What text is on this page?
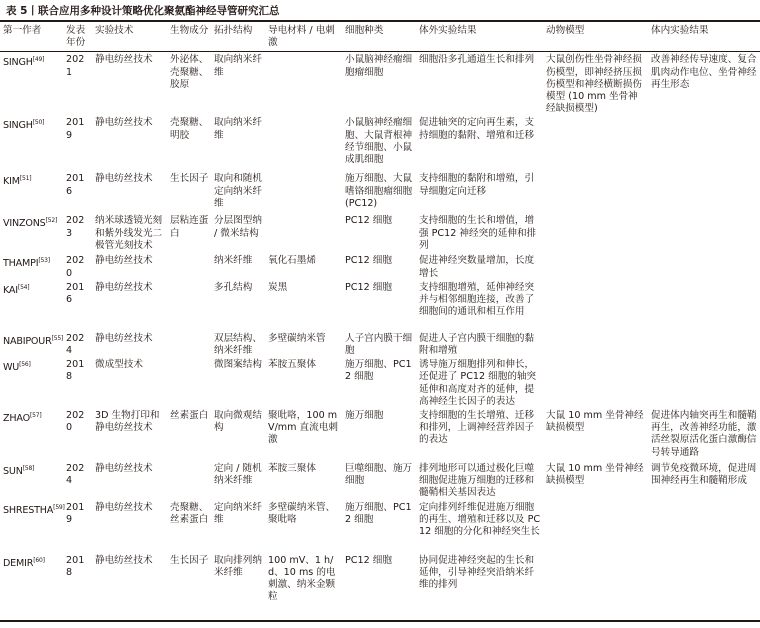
表 5丨联合应用多种设计策略优化聚氨酯神经导管研究汇总
第一作者	发表年份	实验技术	生物成分	拓扑结构	导电材料 / 电刺激	细胞种类	体外实验结果	动物模型	体内实验结果
SINGH[49]	2021	静电纺丝技术	外泌体、壳聚糖、胶原	取向纳米纤维		小鼠脑神经瘤细胞瘤细胞	细胞沿多孔通道生长和排列	大鼠创伤性坐骨神经损伤模型，即神经挤压损伤模型和神经横断损伤模型 (10 mm 坐骨神经缺损模型)	改善神经传导速度、复合肌肉动作电位、坐骨神经再生形态
SINGH[50]	2019	静电纺丝技术	壳聚糖、明胶	取向纳米纤维		小鼠脑神经瘤细胞、大鼠背根神经节细胞、小鼠成肌细胞	促进轴突的定向再生素，支持细胞的黏附、增殖和迁移		
KIM[51]	2016	静电纺丝技术	生长因子	取向和随机定向纳米纤维		施万细胞、大鼠嗜铬细胞瘤细胞 (PC12)	支持细胞的黏附和增殖，引导细胞定向迁移		
VINZONS[52]	2023	纳米球透镜光刻和紫外线发光二极管光刻技术	层粘连蛋白	分层图型纳 / 微米结构		PC12 细胞	支持细胞的生长和增值，增强 PC12 神经突的延伸和排列		
THAMPI[53]	2020	静电纺丝技术		纳米纤维	氧化石墨烯	PC12 细胞	促进神经突数量增加，长度增长		
KAI[54]	2016	静电纺丝技术		多孔结构	炭黑	PC12 细胞	支持细胞增殖，延伸神经突并与相邻细胞连接，改善了细胞间的通讯和相互作用		
NABIPOUR[55]	2024	静电纺丝技术		双层结构、纳米纤维	多壁碳纳米管	人子宫内膜干细胞	促进人子宫内膜干细胞的黏附和增殖		
WU[56]	2018	微成型技术		微图案结构	苯胺五聚体	施万细胞、PC12 细胞	诱导施万细胞排列和伸长，还促进了 PC12 细胞的轴突延伸和高度对齐的延伸，提高神经生长因子的表达		
ZHAO[57]	2020	3D 生物打印和静电纺丝技术	丝素蛋白	取向微观结构	聚吡咯，100 mV/mm 直流电刺激	施万细胞	支持细胞的生长增殖、迁移和排列，上调神经营养因子的表达	大鼠 10 mm 坐骨神经缺损模型	促进体内轴突再生和髓鞘再生，改善神经功能，激活丝裂原活化蛋白激酶信号转导通路
SUN[58]	2024	静电纺丝技术		定向 / 随机纳米纤维	苯胺三聚体	巨噬细胞、施万细胞	排列地形可以通过极化巨噬细胞促进施万细胞的迁移和髓鞘相关基因表达	大鼠 10 mm 坐骨神经缺损模型	调节免疫微环境，促进周围神经再生和髓鞘形成
SHRESTHA[59]	2019	静电纺丝技术	壳聚糖、丝素蛋白	定向纳米纤维	多壁碳纳米管、聚吡咯	施万细胞、PC12 细胞	定向排列纤维促进施万细胞的再生、增殖和迁移以及 PC12 细胞的分化和神经突生长		
DEMIR[60]	2018	静电纺丝技术	生长因子	取向排列纳米纤维	100 mV、1 h/d、10 ms 的电刺激、纳米金颗粒	PC12 细胞	协同促进神经突起的生长和延伸，引导神经突沿纳米纤维的排列		
